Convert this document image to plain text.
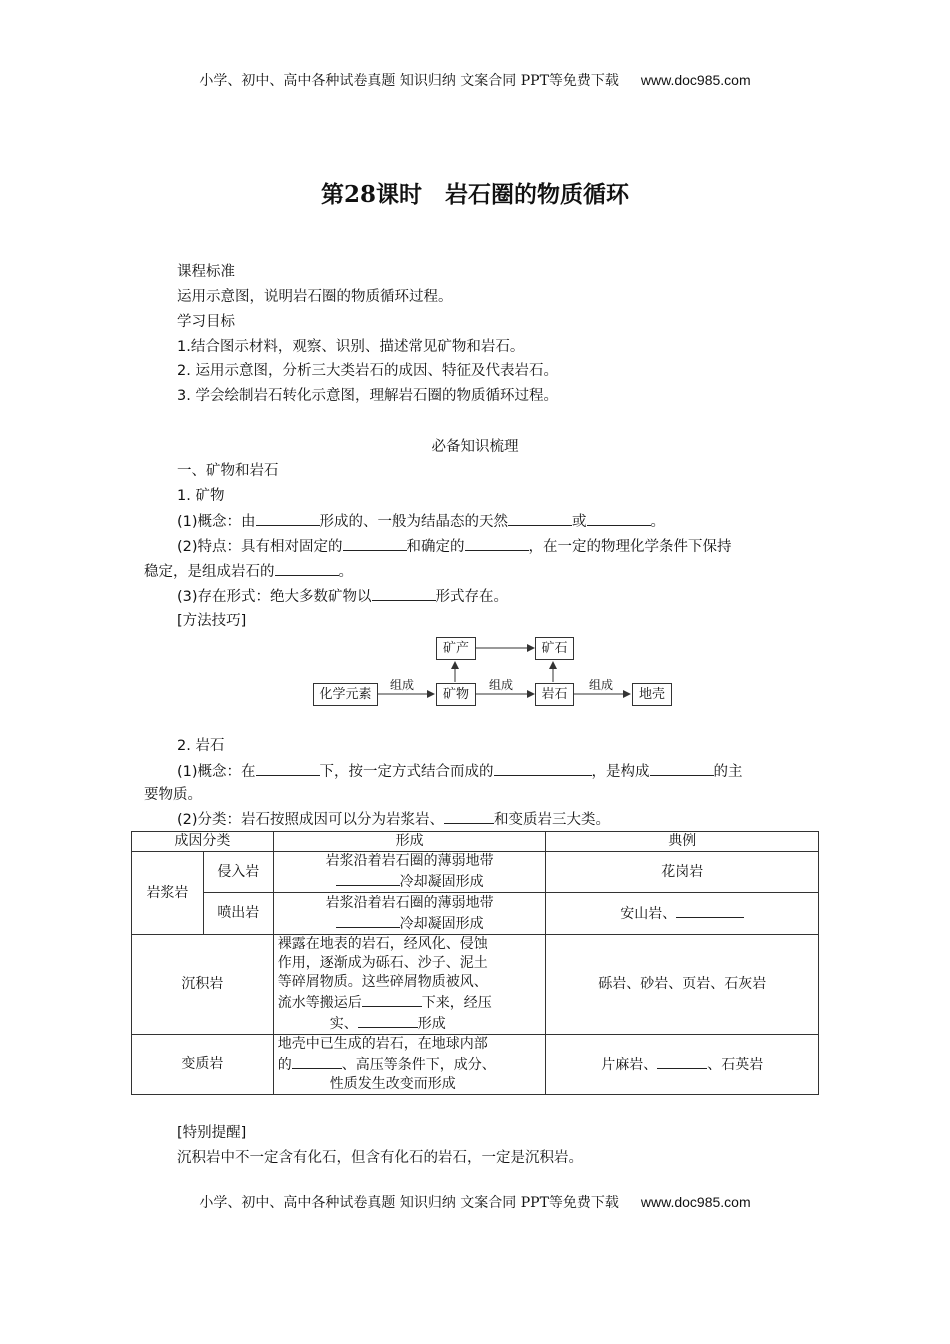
小学、初中、高中各种试卷真题 知识归纳 文案合同 PPT等免费下载 www.doc985.com
第28课时　岩石圈的物质循环
课程标准
运用示意图，说明岩石圈的物质循环过程。
学习目标
1.结合图示材料，观察、识别、描述常见矿物和岩石。
2. 运用示意图，分析三大类岩石的成因、特征及代表岩石。
3. 学会绘制岩石转化示意图，理解岩石圈的物质循环过程。
必备知识梳理
一、矿物和岩石
1. 矿物
(1)概念：由	形成的、一般为结晶态的天然	或	。
(2)特点：具有相对固定的	和确定的	，在一定的物理化学条件下保持
稳定，是组成岩石的	。
(3)存在形式：绝大多数矿物以	形式存在。
[方法技巧]
化学元素	矿物	岩石	地壳
矿产	矿石
组成	组成	组成
2. 岩石
(1)概念：在	下，按一定方式结合而成的	，是构成	的主
要物质。
(2)分类：岩石按照成因可以分为岩浆岩、	和变质岩三大类。
成因分类		形成	典例
岩浆岩	侵入岩	岩浆沿着岩石圈的薄弱地带
冷却凝固形成	花岗岩
	喷出岩	岩浆沿着岩石圈的薄弱地带
冷却凝固形成	安山岩、
沉积岩		裸露在地表的岩石，经风化、侵蚀
作用，逐渐成为砾石、沙子、泥土
等碎屑物质。这些碎屑物质被风、
流水等搬运后 下来，经压
实、 形成	砾岩、砂岩、页岩、石灰岩
变质岩		地壳中已生成的岩石，在地球内部
的 、高压等条件下，成分、
性质发生改变而形成	片麻岩、 、石英岩
[特别提醒]
沉积岩中不一定含有化石，但含有化石的岩石，一定是沉积岩。
小学、初中、高中各种试卷真题 知识归纳 文案合同 PPT等免费下载 www.doc985.com
